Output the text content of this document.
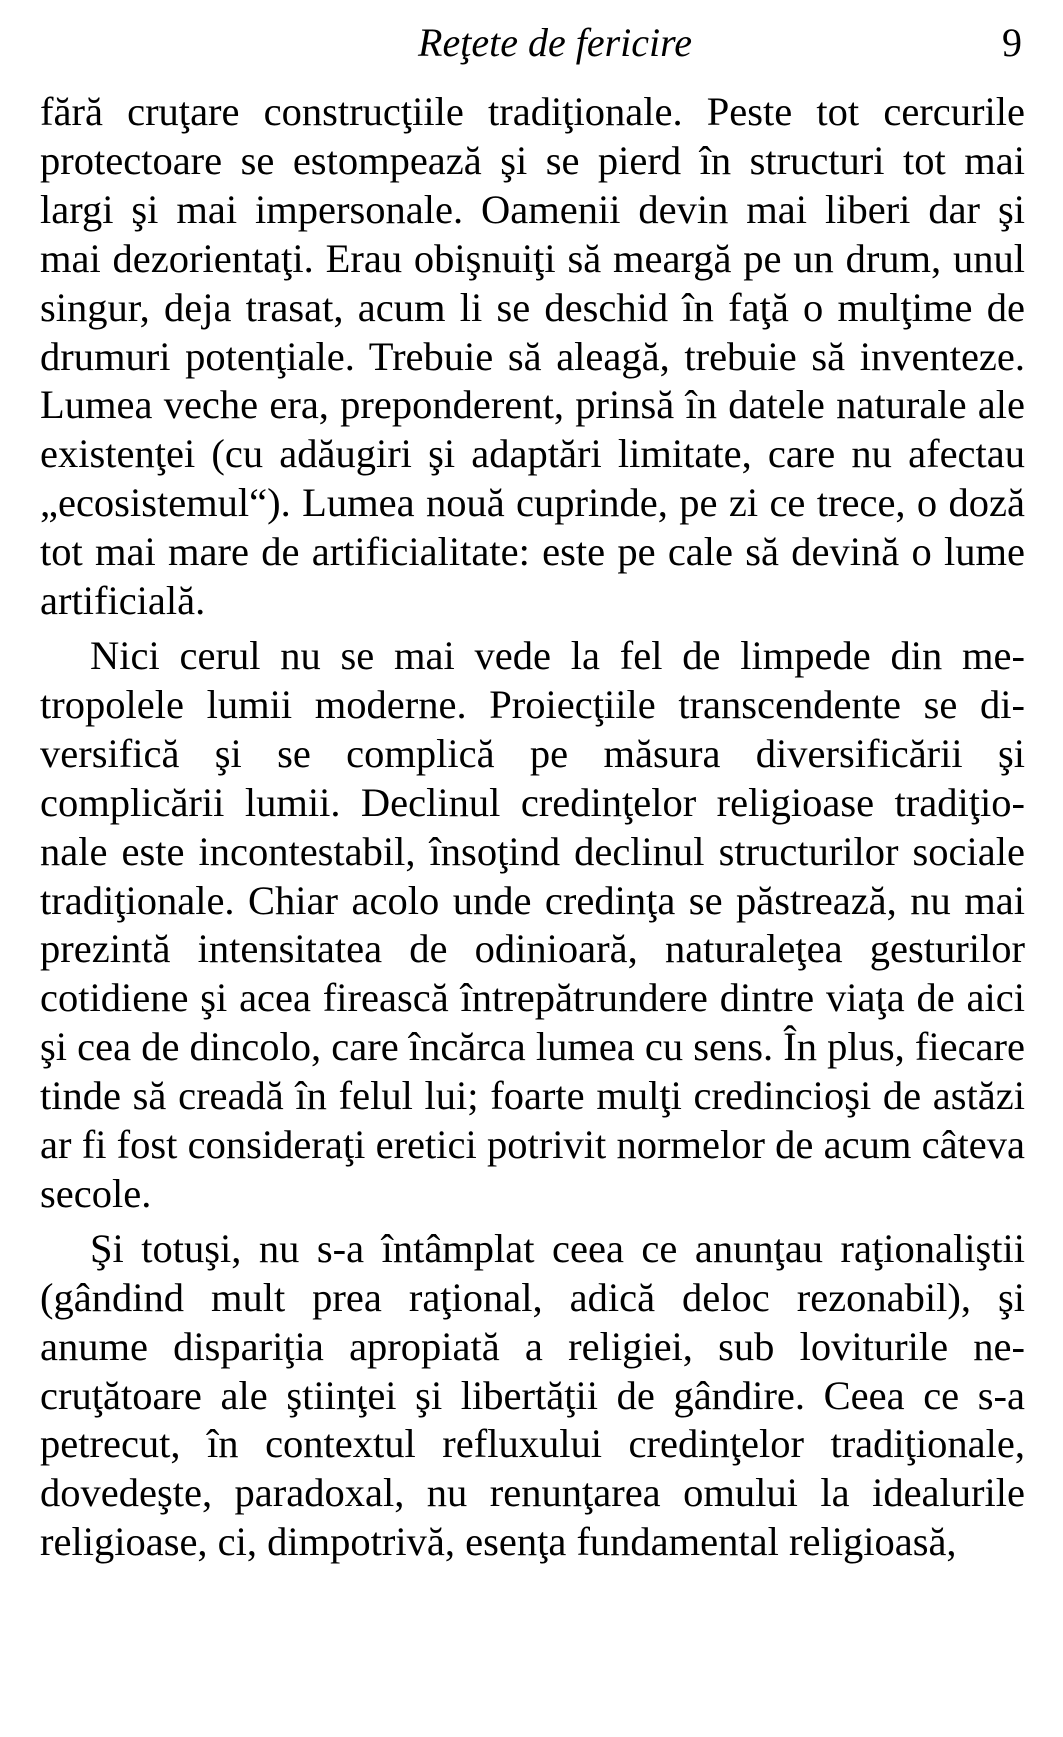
Reţete de fericire	9

fără cruţare construcţiile tradiţionale. Peste tot cercurile protectoare se estompează şi se pierd în structuri tot mai largi şi mai impersonale. Oamenii devin mai liberi dar şi mai dezorientaţi. Erau obişnuiţi să meargă pe un drum, unul singur, deja trasat, acum li se deschid în faţă o mulţime de drumuri potenţiale. Trebuie să aleagă, trebuie să inventeze. Lumea veche era, preponderent, prinsă în datele naturale ale existenţei (cu adăugiri şi adaptări limitate, care nu afectau „ecosistemul“). Lumea nouă cuprinde, pe zi ce trece, o doză tot mai mare de artificialitate: este pe cale să devină o lume artificială.

Nici cerul nu se mai vede la fel de limpede din metropolele lumii moderne. Proiecţiile transcendente se diversifică şi se complică pe măsura diversificării şi complicării lumii. Declinul credinţelor religioase tradiţionale este incontestabil, însoţind declinul structurilor sociale tradiţionale. Chiar acolo unde credinţa se păstrează, nu mai prezintă intensitatea de odinioară, naturaleţea gesturilor cotidiene şi acea firească întrepătrundere dintre viaţa de aici şi cea de dincolo, care încărca lumea cu sens. În plus, fiecare tinde să creadă în felul lui; foarte mulţi credincioşi de astăzi ar fi fost consideraţi eretici potrivit normelor de acum câteva secole.

Şi totuşi, nu s-a întâmplat ceea ce anunţau raţionaliştii (gândind mult prea raţional, adică deloc rezonabil), şi anume dispariţia apropiată a religiei, sub loviturile necruţătoare ale ştiinţei şi libertăţii de gândire. Ceea ce s-a petrecut, în contextul refluxului credinţelor tradiţionale, dovedeşte, paradoxal, nu renunţarea omului la idealurile religioase, ci, dimpotrivă, esenţa fundamental religioasă,
